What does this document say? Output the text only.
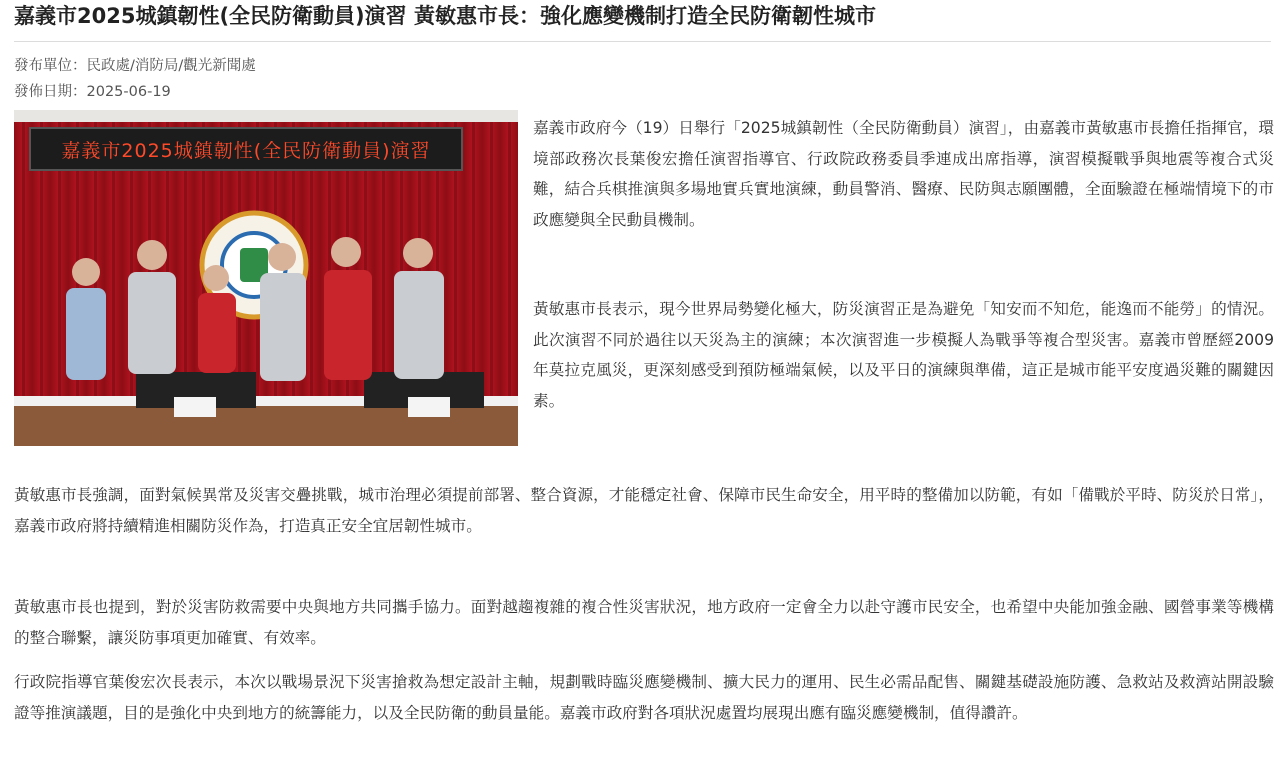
嘉義市2025城鎮韌性(全民防衛動員)演習 黃敏惠市長：強化應變機制打造全民防衛韌性城市
發布單位：民政處/消防局/觀光新聞處
發佈日期：2025-06-19
嘉義市2025城鎮韌性(全民防衛動員)演習

嘉義市政府今（19）日舉行「2025城鎮韌性（全民防衛動員）演習」，由嘉義市黃敏惠市長擔任指揮官，環境部政務次長葉俊宏擔任演習指導官、行政院政務委員季連成出席指導，演習模擬戰爭與地震等複合式災難，結合兵棋推演與多場地實兵實地演練，動員警消、醫療、民防與志願團體，全面驗證在極端情境下的市政應變與全民動員機制。

黃敏惠市長表示，現今世界局勢變化極大，防災演習正是為避免「知安而不知危，能逸而不能勞」的情況。此次演習不同於過往以天災為主的演練；本次演習進一步模擬人為戰爭等複合型災害。嘉義市曾歷經2009年莫拉克風災，更深刻感受到預防極端氣候，以及平日的演練與準備，這正是城市能平安度過災難的關鍵因素。

黃敏惠市長強調，面對氣候異常及災害交疊挑戰，城市治理必須提前部署、整合資源，才能穩定社會、保障市民生命安全，用平時的整備加以防範，有如「備戰於平時、防災於日常」，嘉義市政府將持續精進相關防災作為，打造真正安全宜居韌性城市。

黃敏惠市長也提到，對於災害防救需要中央與地方共同攜手協力。面對越趨複雜的複合性災害狀況，地方政府一定會全力以赴守護市民安全，也希望中央能加強金融、國營事業等機構的整合聯繫，讓災防事項更加確實、有效率。

行政院指導官葉俊宏次長表示，本次以戰場景況下災害搶救為想定設計主軸，規劃戰時臨災應變機制、擴大民力的運用、民生必需品配售、關鍵基礎設施防護、急救站及救濟站開設驗證等推演議題，目的是強化中央到地方的統籌能力，以及全民防衛的動員量能。嘉義市政府對各項狀況處置均展現出應有臨災應變機制，值得讚許。
